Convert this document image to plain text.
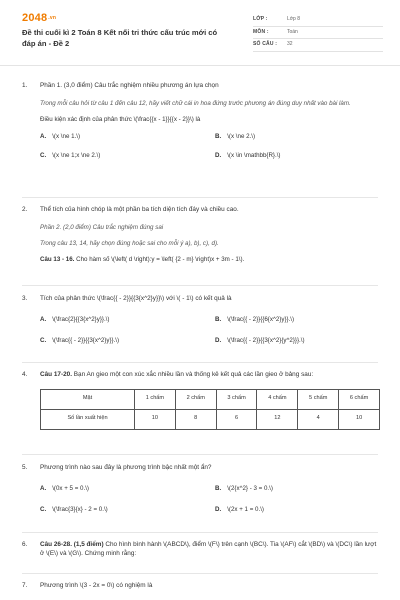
2048.vn
Đề thi cuối kì 2 Toán 8 Kết nối tri thức cấu trúc mới có đáp án - Đề 2
LỚP :	Lớp 8
MÔN :	Toán
SỐ CÂU :	32
1. Phần 1. (3,0 điểm) Câu trắc nghiệm nhiều phương án lựa chọn
Trong mỗi câu hỏi từ câu 1 đến câu 12, hãy viết chữ cái in hoa đứng trước phương án đúng duy nhất vào bài làm.
Điều kiện xác định của phân thức \(\frac{{x - 1}}{{x - 2}}\) là
A. \(x \ne 1.\)	B. \(x \ne 2.\)
C. \(x \ne 1;x \ne 2.\)	D. \(x \in \mathbb{R}.\)
2. Thể tích của hình chóp là một phần ba tích diện tích đáy và chiều cao.
Phần 2. (2,0 điểm) Câu trắc nghiệm đúng sai
Trong câu 13, 14, hãy chọn đúng hoặc sai cho mỗi ý a), b), c), d).
Câu 13 - 16. Cho hàm số \(\left( d \right):y = \left( {2 - m} \right)x + 3m - 1\).
3. Tích của phân thức \(\frac{{ - 2}}{{3{x^2}y}}\) với \( - 1\) có kết quả là
A. \(\frac{2}{{3{x^2}y}}.\)	B. \(\frac{{ - 2}}{{6{x^2}y}}.\)
C. \(\frac{{ - 2}}{{3{x^2}y}}.\)	D. \(\frac{{ - 2}}{{3{x^2}{y^2}}}.\)
4. Câu 17-20. Bạn An gieo một con xúc xắc nhiều lần và thống kê kết quả các lần gieo ở bảng sau:
Mặt	1 chấm	2 chấm	3 chấm	4 chấm	5 chấm	6 chấm
Số lần xuất hiện	10	8	6	12	4	10
5. Phương trình nào sau đây là phương trình bậc nhất một ẩn?
A. \(0x + 5 = 0.\)	B. \(2{x^2} - 3 = 0.\)
C. \(\frac{3}{x} - 2 = 0.\)	D. \(2x + 1 = 0.\)
6. Câu 26-28. (1,5 điểm) Cho hình bình hành \(ABCD\), điểm \(F\) trên cạnh \(BC\). Tia \(AF\) cắt \(BD\) và \(DC\) lần lượt ở \(E\) và \(G\). Chứng minh rằng:
7. Phương trình \(3 - 2x = 0\) có nghiệm là
